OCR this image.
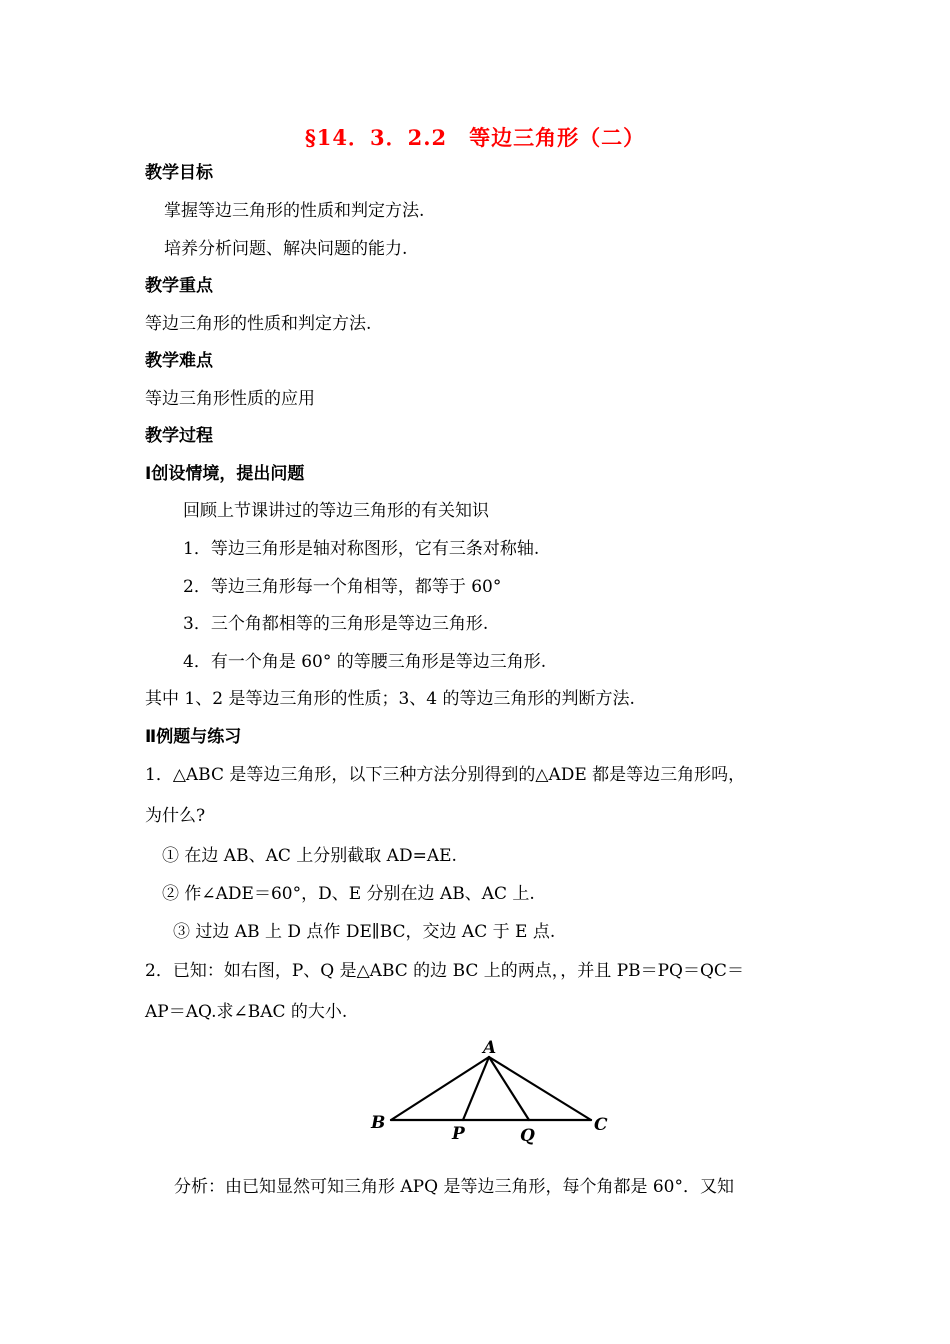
§14．3．2.2　等边三角形（二）
教学目标
掌握等边三角形的性质和判定方法.
培养分析问题、解决问题的能力.
教学重点
等边三角形的性质和判定方法.
教学难点
等边三角形性质的应用
教学过程
Ⅰ创设情境，提出问题
回顾上节课讲过的等边三角形的有关知识
1．等边三角形是轴对称图形，它有三条对称轴.
2．等边三角形每一个角相等，都等于 60°
3．三个角都相等的三角形是等边三角形.
4．有一个角是 60° 的等腰三角形是等边三角形.
其中 1、2 是等边三角形的性质；3、4 的等边三角形的判断方法.
Ⅱ例题与练习
1．△ABC 是等边三角形，以下三种方法分别得到的△ADE 都是等边三角形吗，
为什么?
① 在边 AB、AC 上分别截取 AD=AE.
② 作∠ADE＝60°，D、E 分别在边 AB、AC 上.
③ 过边 AB 上 D 点作 DE∥BC，交边 AC 于 E 点.
2．已知：如右图，P、Q 是△ABC 的边 BC 上的两点，，并且 PB＝PQ＝QC＝
AP＝AQ.求∠BAC 的大小.
A
B	C
P	Q
分析：由已知显然可知三角形 APQ 是等边三角形，每个角都是 60°．又知
